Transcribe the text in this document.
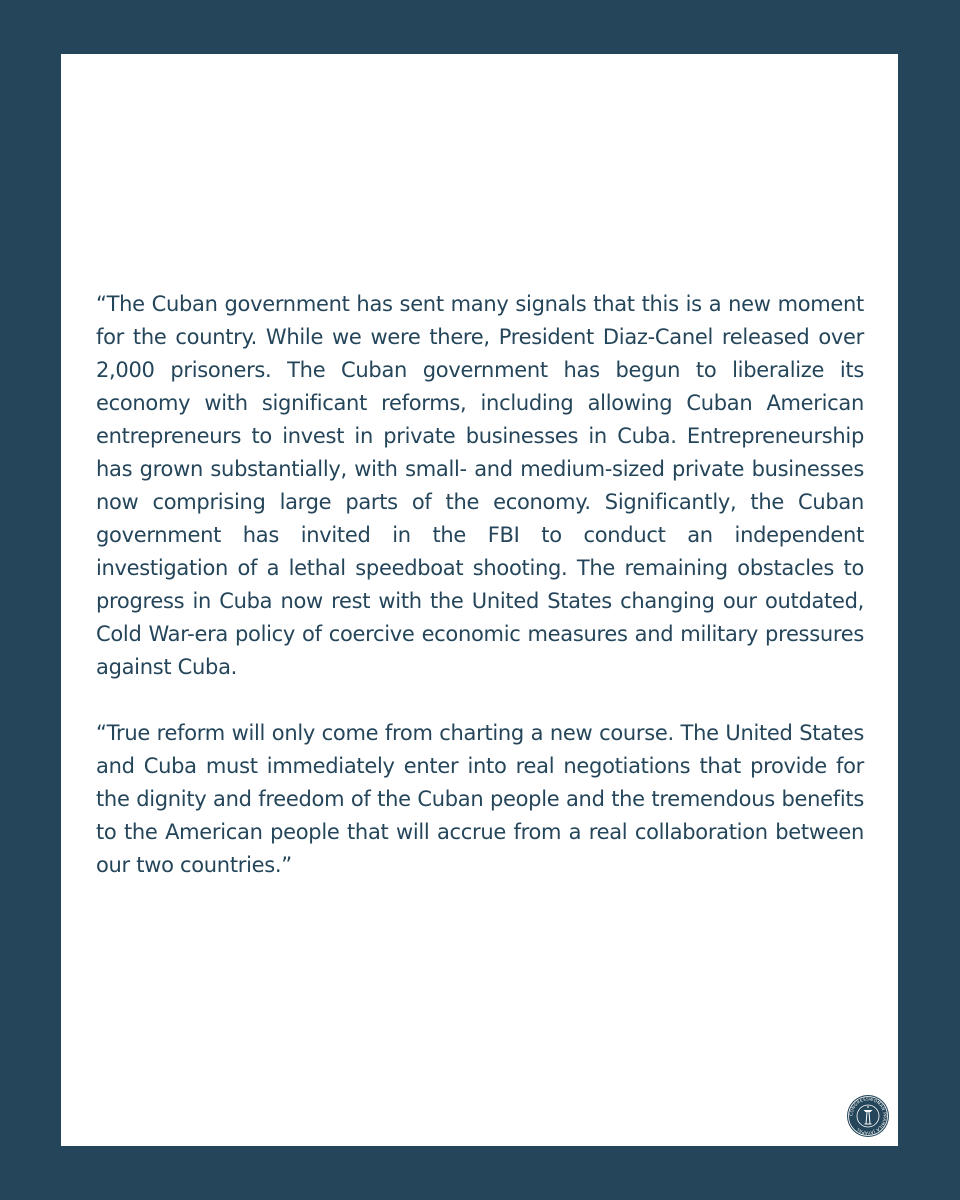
“The Cuban government has sent many signals that this is a new moment for the country. While we were there, President Diaz-Canel released over 2,000 prisoners. The Cuban government has begun to liberalize its economy with significant reforms, including allowing Cuban American entrepreneurs to invest in private businesses in Cuba. Entrepreneurship has grown substantially, with small- and medium-sized private businesses now comprising large parts of the economy. Significantly, the Cuban government has invited in the FBI to conduct an independent investigation of a lethal speedboat shooting. The remaining obstacles to progress in Cuba now rest with the United States changing our outdated, Cold War-era policy of coercive economic measures and military pressures against Cuba.

“True reform will only come from charting a new course. The United States and Cuba must immediately enter into real negotiations that provide for the dignity and freedom of the Cuban people and the tremendous benefits to the American people that will accrue from a real collaboration between our two countries.”

CONGRESSWOMAN PRAMILA JAYAPAL
